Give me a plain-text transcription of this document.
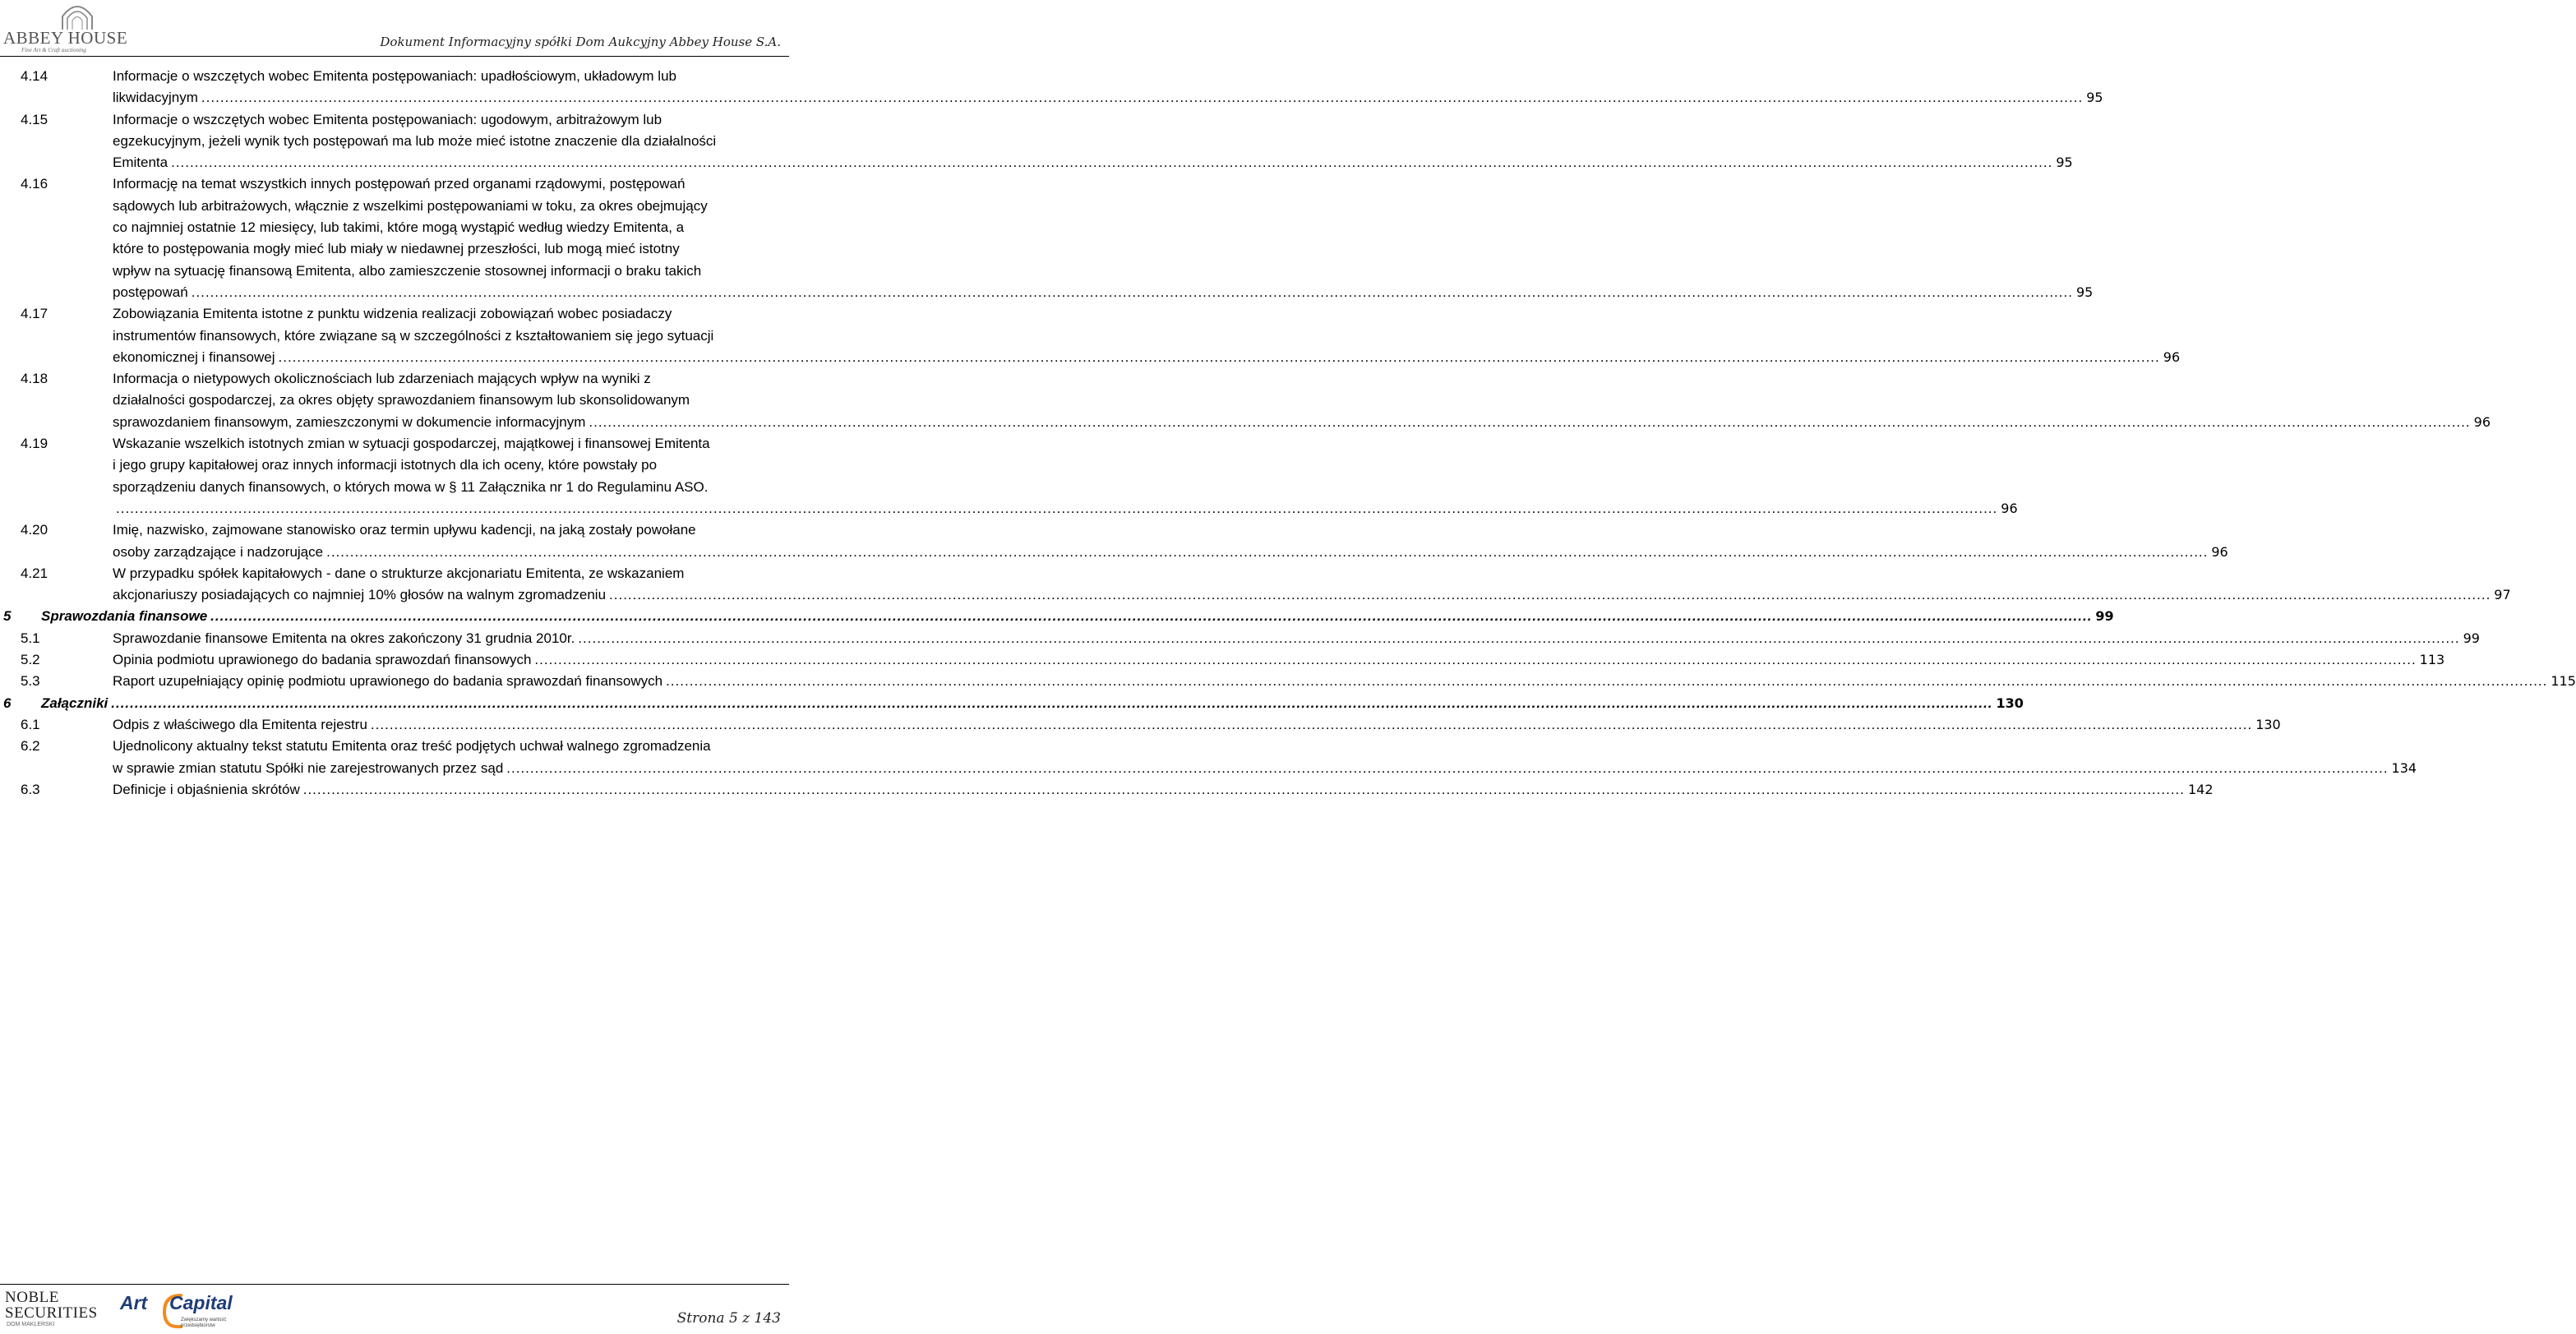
ABBEY HOUSE
Fine Art & Craft auctioning
Dokument Informacyjny spółki Dom Aukcyjny Abbey House S.A.
4.14	Informacje o wszczętych wobec Emitenta postępowaniach: upadłościowym, układowym lub
likwidacyjnym ................................................................................................................................................................................................................................................................................................................................................................................................................ 95
4.15	Informacje o wszczętych wobec Emitenta postępowaniach: ugodowym, arbitrażowym lub
egzekucyjnym, jeżeli wynik tych postępowań ma lub może mieć istotne znaczenie dla działalności
Emitenta ................................................................................................................................................................................................................................................................................................................................................................................................................ 95
4.16	Informację na temat wszystkich innych postępowań przed organami rządowymi, postępowań
sądowych lub arbitrażowych, włącznie z wszelkimi postępowaniami w toku, za okres obejmujący
co najmniej ostatnie 12 miesięcy, lub takimi, które mogą wystąpić według wiedzy Emitenta, a
które to postępowania mogły mieć lub miały w niedawnej przeszłości, lub mogą mieć istotny
wpływ na sytuację finansową Emitenta, albo zamieszczenie stosownej informacji o braku takich
postępowań ................................................................................................................................................................................................................................................................................................................................................................................................................ 95
4.17	Zobowiązania Emitenta istotne z punktu widzenia realizacji zobowiązań wobec posiadaczy
instrumentów finansowych, które związane są w szczególności z kształtowaniem się jego sytuacji
ekonomicznej i finansowej ................................................................................................................................................................................................................................................................................................................................................................................................................ 96
4.18	Informacja o nietypowych okolicznościach lub zdarzeniach mających wpływ na wyniki z
działalności gospodarczej, za okres objęty sprawozdaniem finansowym lub skonsolidowanym
sprawozdaniem finansowym, zamieszczonymi w dokumencie informacyjnym ................................................................................................................................................................................................................................................................................................................................................................................................................ 96
4.19	Wskazanie wszelkich istotnych zmian w sytuacji gospodarczej, majątkowej i finansowej Emitenta
i jego grupy kapitałowej oraz innych informacji istotnych dla ich oceny, które powstały po
sporządzeniu danych finansowych, o których mowa w § 11 Załącznika nr 1 do Regulaminu ASO.
................................................................................................................................................................................................................................................................................................................................................................................................................ 96
4.20	Imię, nazwisko, zajmowane stanowisko oraz termin upływu kadencji, na jaką zostały powołane
osoby zarządzające i nadzorujące ................................................................................................................................................................................................................................................................................................................................................................................................................ 96
4.21	W przypadku spółek kapitałowych - dane o strukturze akcjonariatu Emitenta, ze wskazaniem
akcjonariuszy posiadających co najmniej 10% głosów na walnym zgromadzeniu ................................................................................................................................................................................................................................................................................................................................................................................................................ 97
5 Sprawozdania finansowe ................................................................................................................................................................................................................................................................................................................................................................................................................ 99
5.1	Sprawozdanie finansowe Emitenta na okres zakończony 31 grudnia 2010r. ................................................................................................................................................................................................................................................................................................................................................................................................................ 99
5.2	Opinia podmiotu uprawionego do badania sprawozdań finansowych ................................................................................................................................................................................................................................................................................................................................................................................................................ 113
5.3	Raport uzupełniający opinię podmiotu uprawionego do badania sprawozdań finansowych ................................................................................................................................................................................................................................................................................................................................................................................................................ 115
6 Załączniki ................................................................................................................................................................................................................................................................................................................................................................................................................ 130
6.1	Odpis z właściwego dla Emitenta rejestru ................................................................................................................................................................................................................................................................................................................................................................................................................ 130
6.2	Ujednolicony aktualny tekst statutu Emitenta oraz treść podjętych uchwał walnego zgromadzenia
w sprawie zmian statutu Spółki nie zarejestrowanych przez sąd ................................................................................................................................................................................................................................................................................................................................................................................................................ 134
6.3	Definicje i objaśnienia skrótów ................................................................................................................................................................................................................................................................................................................................................................................................................ 142
NOBLE
SECURITIES
DOM MAKLERSKI
Art Capital
Zwiększamy wartość przedsiębiorstw	Strona 5 z 143
